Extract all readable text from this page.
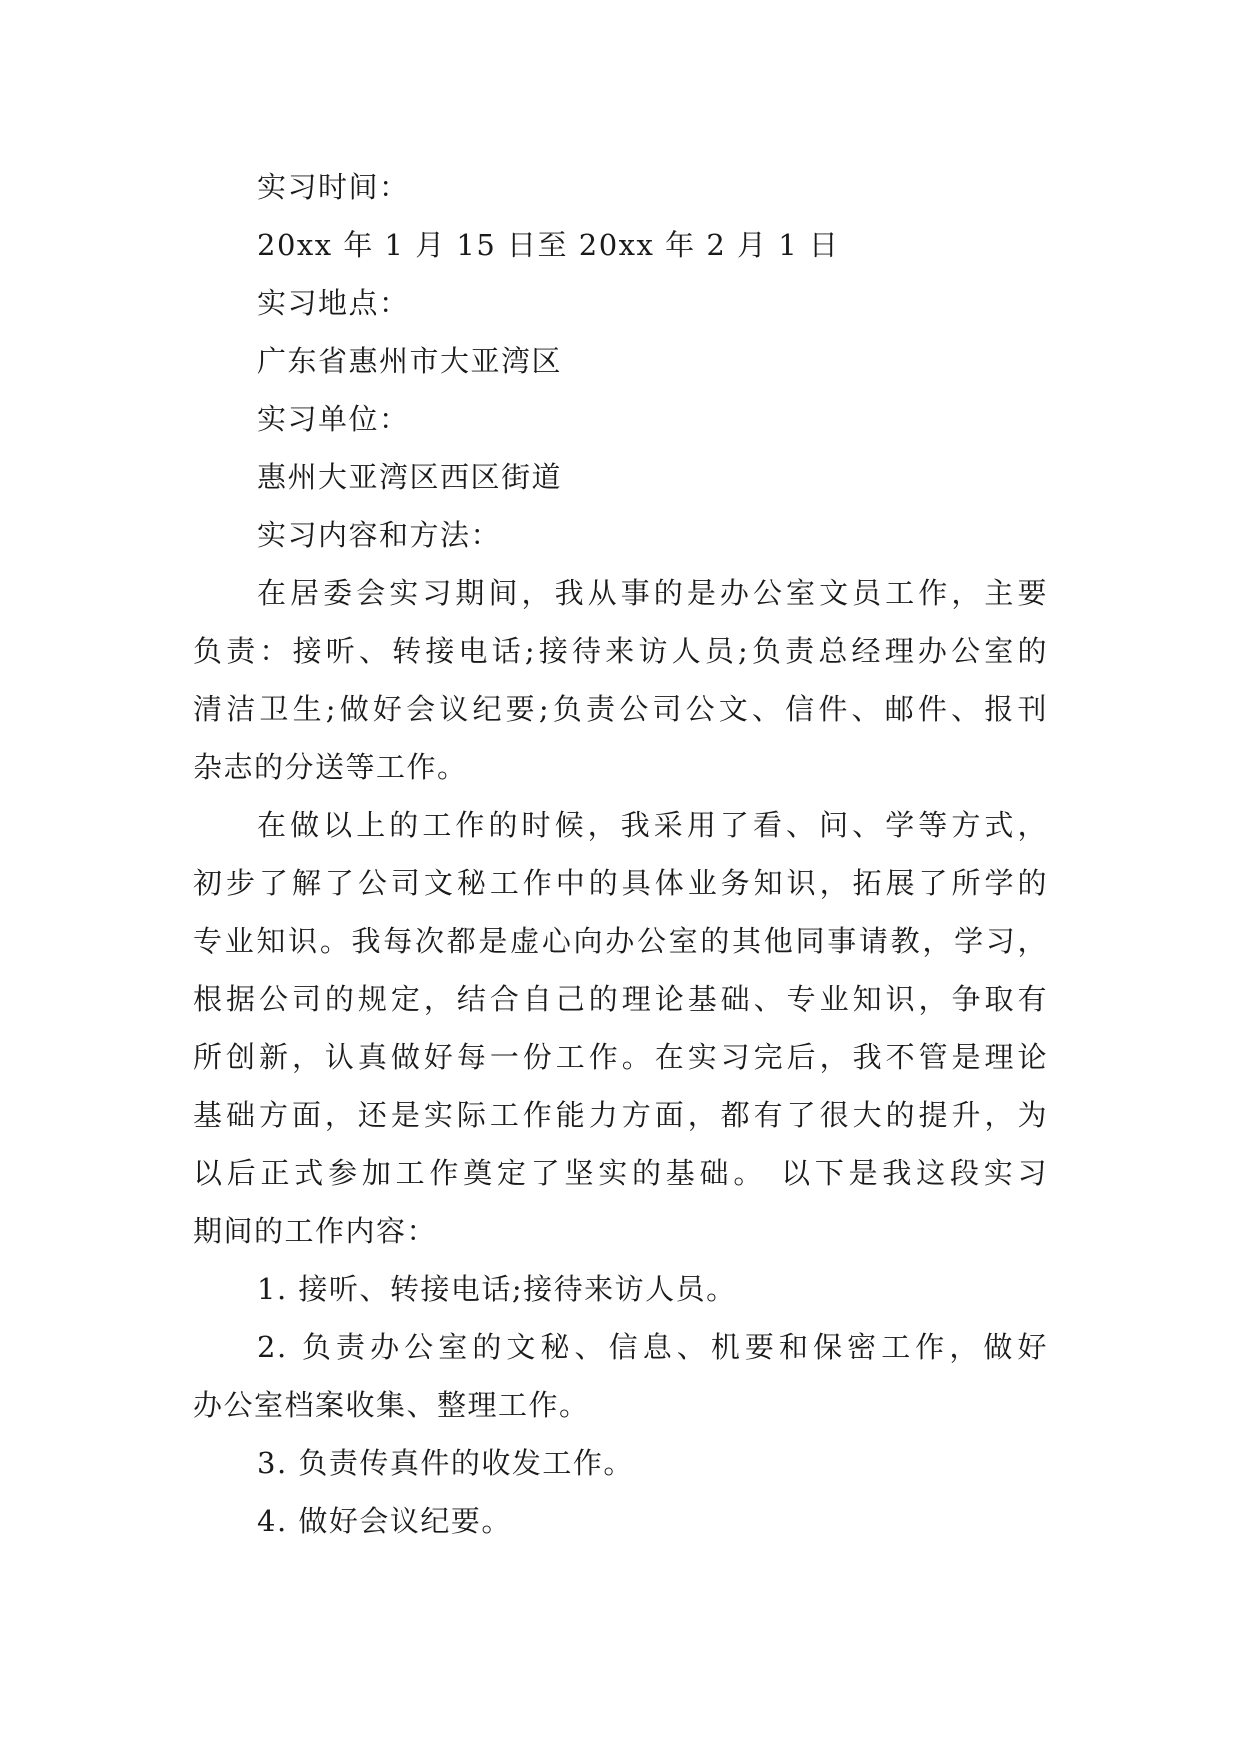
实习时间：

20xx 年 1 月 15 日至 20xx 年 2 月 1 日

实习地点：

广东省惠州市大亚湾区

实习单位：

惠州大亚湾区西区街道

实习内容和方法：

在居委会实习期间，我从事的是办公室文员工作，主要

负责：接听、转接电话;接待来访人员;负责总经理办公室的

清洁卫生;做好会议纪要;负责公司公文、信件、邮件、报刊

杂志的分送等工作。

在做以上的工作的时候，我采用了看、问、学等方式，

初步了解了公司文秘工作中的具体业务知识，拓展了所学的

专业知识。我每次都是虚心向办公室的其他同事请教，学习，

根据公司的规定，结合自己的理论基础、专业知识，争取有

所创新，认真做好每一份工作。在实习完后，我不管是理论

基础方面，还是实际工作能力方面，都有了很大的提升，为

以后正式参加工作奠定了坚实的基础。 以下是我这段实习

期间的工作内容：

1. 接听、转接电话;接待来访人员。

2. 负责办公室的文秘、信息、机要和保密工作，做好

办公室档案收集、整理工作。

3. 负责传真件的收发工作。

4. 做好会议纪要。
